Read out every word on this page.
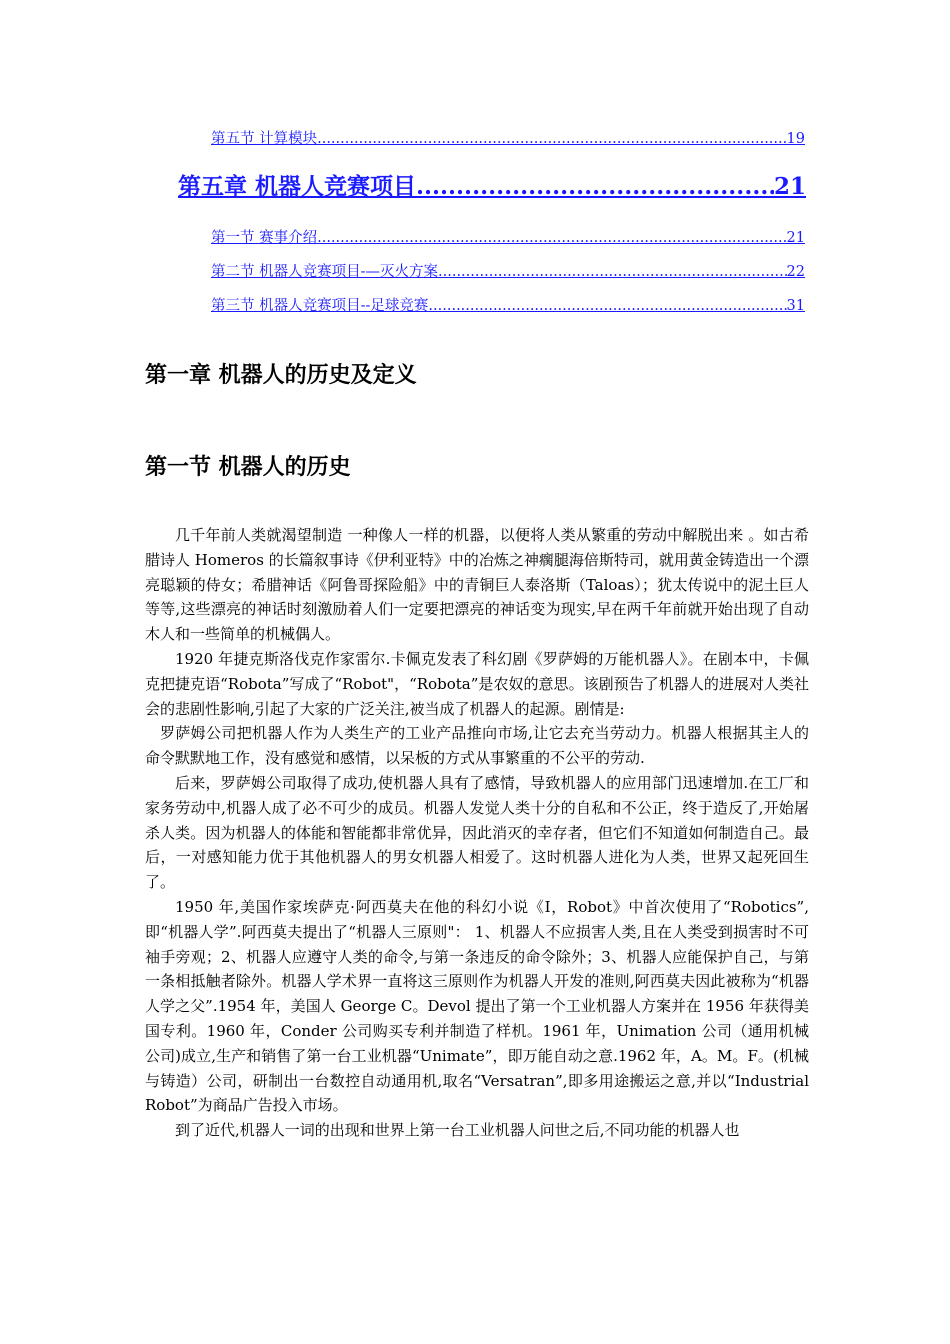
第五节 计算模块 .....	19
第五章 机器人竞赛项目 .....	21
第一节 赛事介绍 .....	21
第二节 机器人竞赛项目-—灭火方案 .....	22
第三节 机器人竞赛项目--足球竞赛 .....	31
第一章 机器人的历史及定义
第一节 机器人的历史

几千年前人类就渴望制造 一种像人一样的机器，以便将人类从繁重的劳动中解脱出来 。如古希腊诗人 Homeros 的长篇叙事诗《伊利亚特》中的冶炼之神瘸腿海倍斯特司，就用黄金铸造出一个漂亮聪颖的侍女；希腊神话《阿鲁哥探险船》中的青铜巨人泰洛斯（Taloas）；犹太传说中的泥土巨人等等,这些漂亮的神话时刻激励着人们一定要把漂亮的神话变为现实,早在两千年前就开始出现了自动木人和一些简单的机械偶人。

1920 年捷克斯洛伐克作家雷尔.卡佩克发表了科幻剧《罗萨姆的万能机器人》。在剧本中，卡佩克把捷克语“Robota”写成了“Robot"，“Robota”是农奴的意思。该剧预告了机器人的进展对人类社会的悲剧性影响,引起了大家的广泛关注,被当成了机器人的起源。剧情是:

罗萨姆公司把机器人作为人类生产的工业产品推向市场,让它去充当劳动力。机器人根据其主人的命令默默地工作，没有感觉和感情，以呆板的方式从事繁重的不公平的劳动.

后来，罗萨姆公司取得了成功,使机器人具有了感情，导致机器人的应用部门迅速增加.在工厂和家务劳动中,机器人成了必不可少的成员。机器人发觉人类十分的自私和不公正，终于造反了,开始屠杀人类。因为机器人的体能和智能都非常优异，因此消灭的幸存者，但它们不知道如何制造自己。最后，一对感知能力优于其他机器人的男女机器人相爱了。这时机器人进化为人类，世界又起死回生了。

1950 年,美国作家埃萨克·阿西莫夫在他的科幻小说《I，Robot》中首次使用了“Robotics”,即“机器人学”.阿西莫夫提出了“机器人三原则"： 1、机器人不应损害人类,且在人类受到损害时不可袖手旁观；2、机器人应遵守人类的命令,与第一条违反的命令除外；3、机器人应能保护自己，与第一条相抵触者除外。机器人学术界一直将这三原则作为机器人开发的准则,阿西莫夫因此被称为“机器人学之父”.1954 年，美国人 George C。Devol 提出了第一个工业机器人方案并在 1956 年获得美国专利。1960 年，Conder 公司购买专利并制造了样机。1961 年，Unimation 公司（通用机械公司)成立,生产和销售了第一台工业机器“Unimate”，即万能自动之意.1962 年，A。M。F。(机械与铸造）公司，研制出一台数控自动通用机,取名“Versatran”,即多用途搬运之意,并以“Industrial Robot”为商品广告投入市场。

到了近代,机器人一词的出现和世界上第一台工业机器人问世之后,不同功能的机器人也
